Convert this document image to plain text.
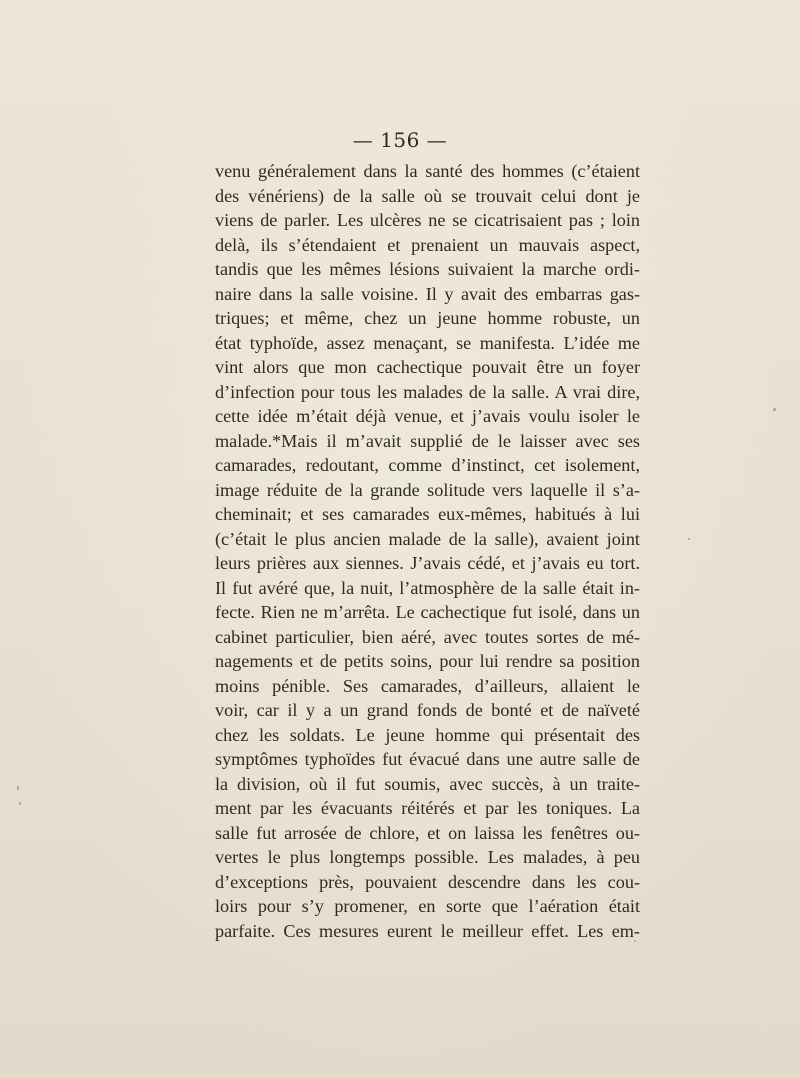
— 156 —
venu généralement dans la santé des hommes (c’étaient
des vénériens) de la salle où se trouvait celui dont je
viens de parler. Les ulcères ne se cicatrisaient pas ; loin
delà, ils s’étendaient et prenaient un mauvais aspect,
tandis que les mêmes lésions suivaient la marche ordi-
naire dans la salle voisine. Il y avait des embarras gas-
triques; et même, chez un jeune homme robuste, un
état typhoïde, assez menaçant, se manifesta. L’idée me
vint alors que mon cachectique pouvait être un foyer
d’infection pour tous les malades de la salle. A vrai dire,
cette idée m’était déjà venue, et j’avais voulu isoler le
malade.*Mais il m’avait supplié de le laisser avec ses
camarades, redoutant, comme d’instinct, cet isolement,
image réduite de la grande solitude vers laquelle il s’a-
cheminait; et ses camarades eux-mêmes, habitués à lui
(c’était le plus ancien malade de la salle), avaient joint
leurs prières aux siennes. J’avais cédé, et j’avais eu tort.
Il fut avéré que, la nuit, l’atmosphère de la salle était in-
fecte. Rien ne m’arrêta. Le cachectique fut isolé, dans un
cabinet particulier, bien aéré, avec toutes sortes de mé-
nagements et de petits soins, pour lui rendre sa position
moins pénible. Ses camarades, d’ailleurs, allaient le
voir, car il y a un grand fonds de bonté et de naïveté
chez les soldats. Le jeune homme qui présentait des
symptômes typhoïdes fut évacué dans une autre salle de
la division, où il fut soumis, avec succès, à un traite-
ment par les évacuants réitérés et par les toniques. La
salle fut arrosée de chlore, et on laissa les fenêtres ou-
vertes le plus longtemps possible. Les malades, à peu
d’exceptions près, pouvaient descendre dans les cou-
loirs pour s’y promener, en sorte que l’aération était
parfaite. Ces mesures eurent le meilleur effet. Les em-
